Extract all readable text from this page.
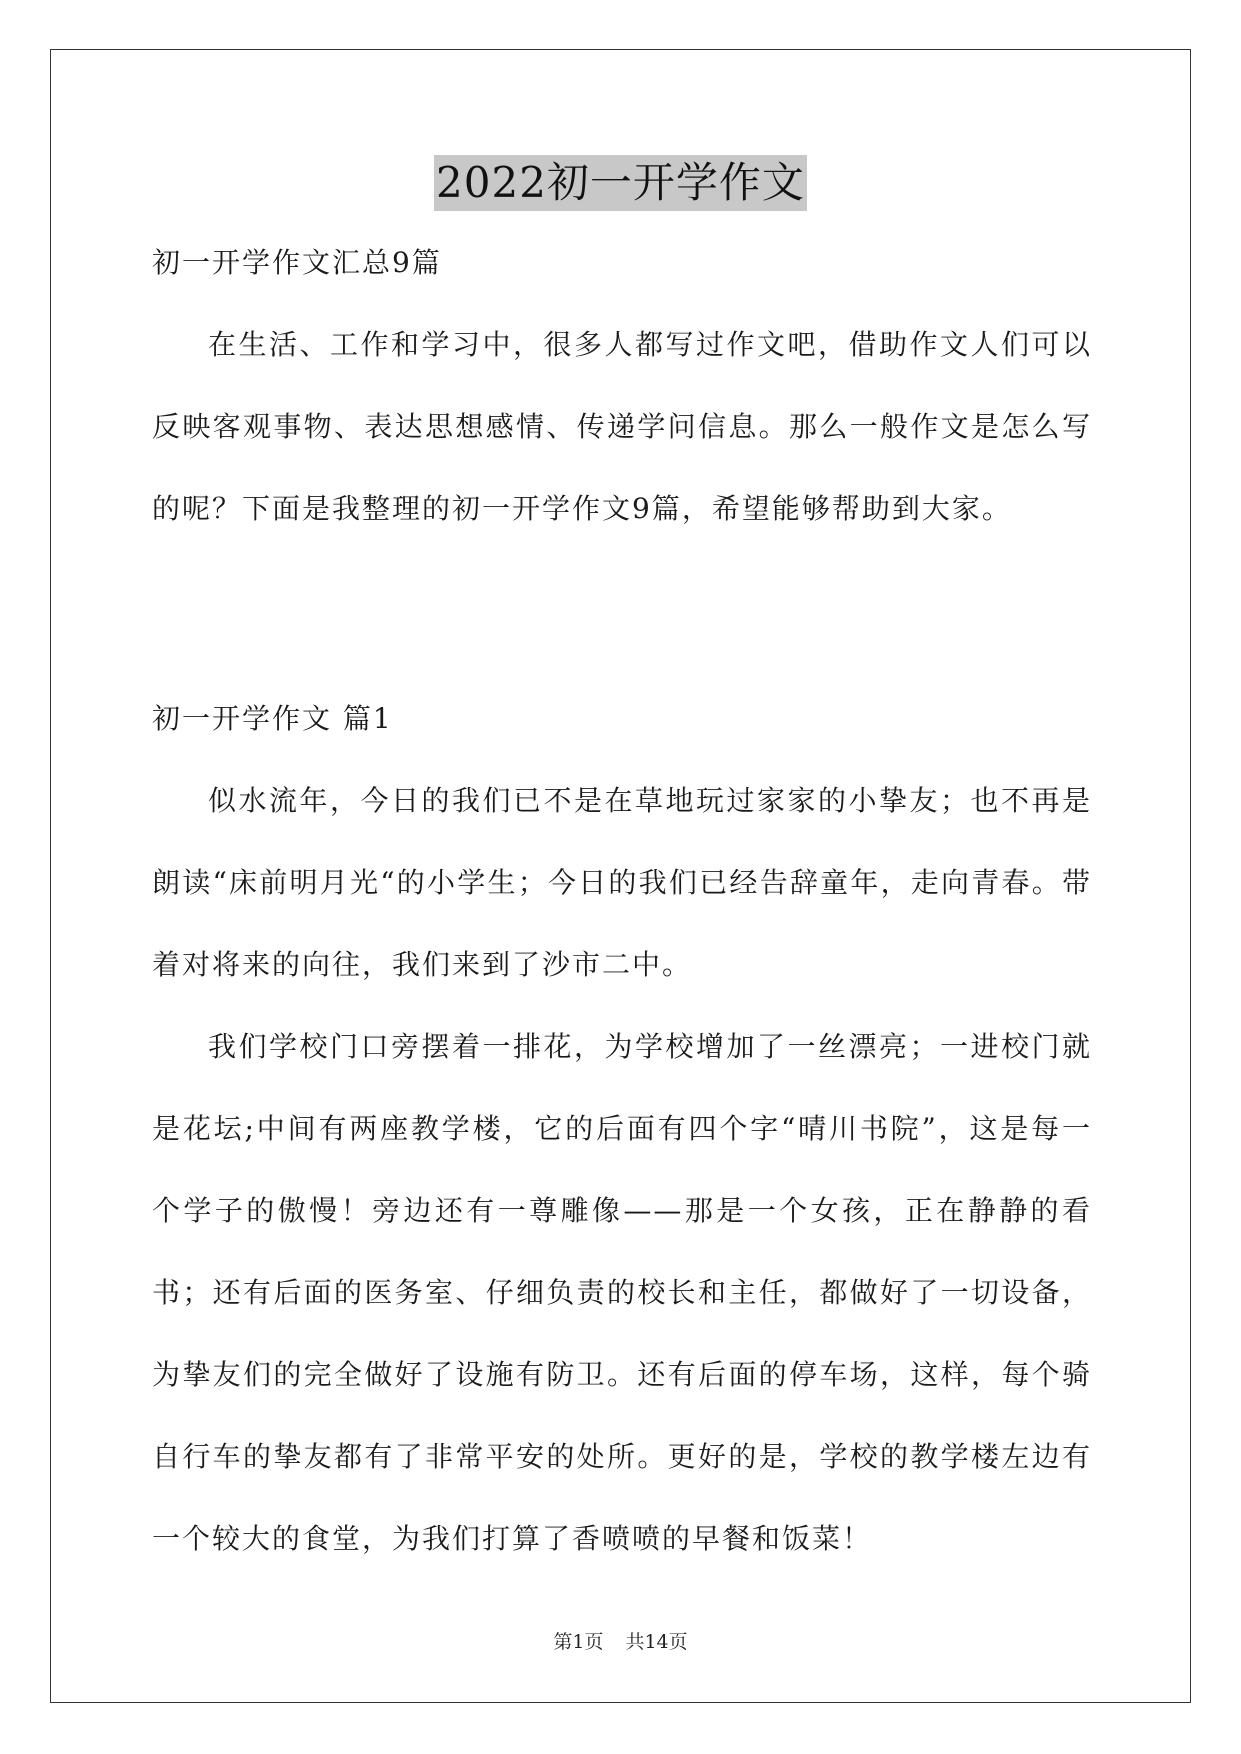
2022初一开学作文

初一开学作文汇总9篇

在生活、工作和学习中，很多人都写过作文吧，借助作文人们可以反映客观事物、表达思想感情、传递学问信息。那么一般作文是怎么写的呢？下面是我整理的初一开学作文9篇，希望能够帮助到大家。

初一开学作文 篇1

似水流年，今日的我们已不是在草地玩过家家的小挚友；也不再是朗读“床前明月光“的小学生；今日的我们已经告辞童年，走向青春。带着对将来的向往，我们来到了沙市二中。

我们学校门口旁摆着一排花，为学校增加了一丝漂亮；一进校门就是花坛;中间有两座教学楼，它的后面有四个字“晴川书院”，这是每一个学子的傲慢！旁边还有一尊雕像——那是一个女孩，正在静静的看书；还有后面的医务室、仔细负责的校长和主任，都做好了一切设备，为挚友们的完全做好了设施有防卫。还有后面的停车场，这样，每个骑自行车的挚友都有了非常平安的处所。更好的是，学校的教学楼左边有一个较大的食堂，为我们打算了香喷喷的早餐和饭菜！

第1页 共14页
